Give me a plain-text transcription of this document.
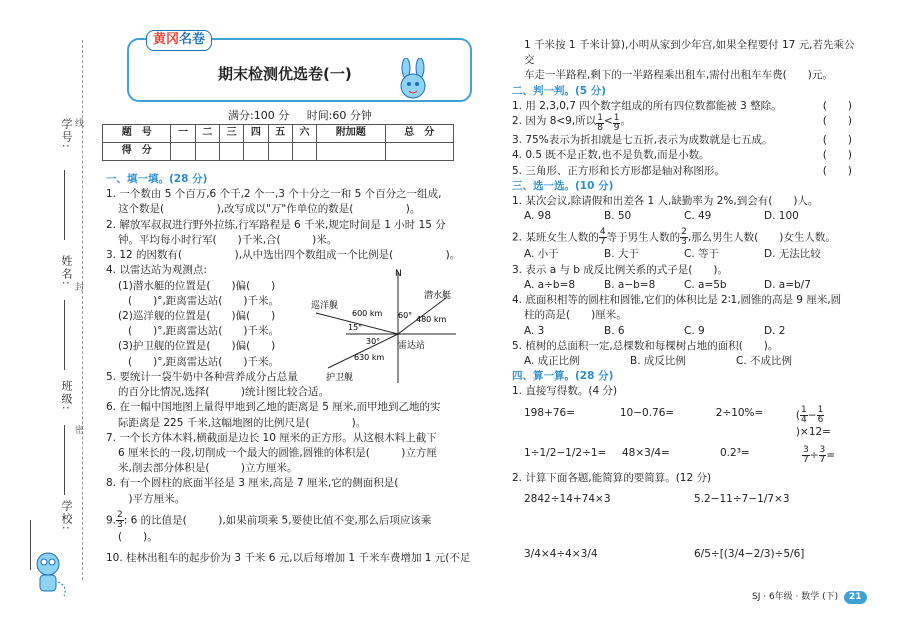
学号:
姓名:
班级:
学校:
线
封
密
黄冈名卷
期末检测优选卷(一)
满分:100 分 时间:60 分钟
题　号	一	二	三	四	五	六	附加题	总　分
得　分								
一、填一填。(28 分)
1. 一个数由 5 个百万,6 个千,2 个一,3 个十分之一和 5 个百分之一组成,
这个数是(　　　　　),改写成以"万"作单位的数是(　　　　　)。
2. 解放军叔叔进行野外拉练,行军路程是 6 千米,规定时间是 1 小时 15 分
钟。平均每小时行军(　　)千米,合(　　　)米。
3. 12 的因数有(　　　　　),从中选出四个数组成一个比例是(　　　　　)。
4. 以雷达站为观测点:
(1)潜水艇的位置是(　　)偏(　　)
(　　)°,距离雷达站(　　)千米。
(2)巡洋舰的位置是(　　)偏(　　)
(　　)°,距离雷达站(　　)千米。
(3)护卫舰的位置是(　　)偏(　　)
(　　)°,距离雷达站(　　)千米。
5. 要统计一袋牛奶中各种营养成分占总量
的百分比情况,选择(　　　)统计图比较合适。
6. 在一幅中国地图上量得甲地到乙地的距离是 5 厘米,而甲地到乙地的实
际距离是 225 千米,这幅地图的比例尺是(　　　　)。
7. 一个长方体木料,横截面是边长 10 厘米的正方形。从这根木料上截下
6 厘米长的一段,切削成一个最大的圆锥,圆锥的体积是(　　　)立方厘
米,削去部分体积是(　　　)立方厘米。
8. 有一个圆柱的底面半径是 3 厘米,高是 7 厘米,它的侧面积是(　　　
　)平方厘米。
9. $\frac{2}{3}$ : 6 的比值是(　　　),如果前项乘 5,要使比值不变,那么后项应该乘
(　　)。
10. 桂林出租车的起步价为 3 千米 6 元,以后每增加 1 千米车费增加 1 元(不足
N
巡洋舰
潜水艇
雷达站
护卫舰
600 km
480 km
630 km
15°
60°
30°
1 千米按 1 千米计算),小明从家到少年宫,如果全程要付 17 元,若先乘公交
车走一半路程,剩下的一半路程乘出租车,需付出租车车费(　　)元。
二、判一判。(5 分)
1. 用 2,3,0,7 四个数字组成的所有四位数都能被 3 整除。	(　　)
2. 因为 8<9,所以 $\frac{1}{8} < \frac{1}{9}$ 。	(　　)
3. 75%表示为折扣就是七五折,表示为成数就是七五成。	(　　)
4. 0.5 既不是正数,也不是负数,而是小数。	(　　)
5. 三角形、正方形和长方形都是轴对称图形。	(　　)
三、选一选。(10 分)
1. 某次会议,除请假和出差各 1 人,缺勤率为 2%,到会有(　　)人。
A. 98	B. 50	C. 49	D. 100
2. 某班女生人数的 $\frac{4}{7}$ 等于男生人数的 $\frac{2}{3}$ ,那么男生人数(　　)女生人数。
A. 小于	B. 大于	C. 等于	D. 无法比较
3. 表示 a 与 b 成反比例关系的式子是(　　)。
A. a÷b=8	B. a−b=8	C. a=5b	D. a=b/7
4. 底面积相等的圆柱和圆锥,它们的体积比是 2∶1,圆锥的高是 9 厘米,圆
柱的高是(　　)厘米。
A. 3	B. 6	C. 9	D. 2
5. 植树的总面积一定,总棵数和每棵树占地的面积(　　)。
A. 成正比例	B. 成反比例	C. 不成比例
四、算一算。(28 分)
1. 直接写得数。(4 分)
198+76=	10−0.76=	2÷10%=	( $\frac{1}{4} - \frac{1}{6}$
)×12=
1÷1/2−1/2÷1=	48×3/4=	0.2³=	$\frac{3}{7} \div \frac{3}{7}$ =
2. 计算下面各题,能简算的要简算。(12 分)
2842÷14+74×3	5.2−11÷7−1/7×3
3/4×4÷4×3/4	6/5÷[(3/4−2/3)÷5/6]
SJ · 6年级 · 数学 (下) 21
